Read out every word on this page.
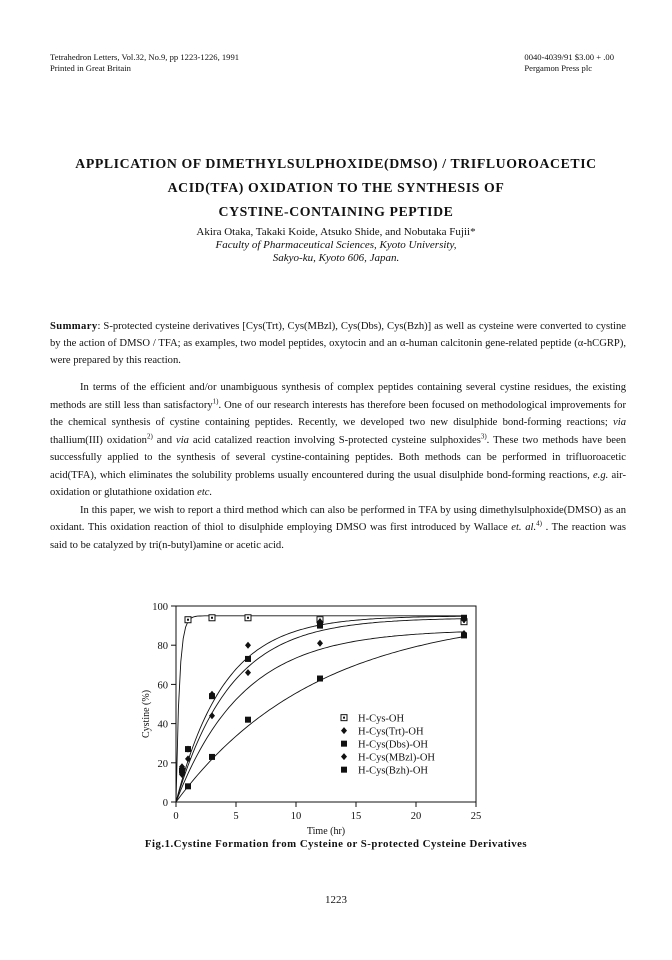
Tetrahedron Letters, Vol.32, No.9, pp 1223-1226, 1991
Printed in Great Britain
0040-4039/91 $3.00 + .00
Pergamon Press plc
APPLICATION OF DIMETHYLSULPHOXIDE(DMSO) / TRIFLUOROACETIC
ACID(TFA) OXIDATION TO THE SYNTHESIS OF
CYSTINE-CONTAINING PEPTIDE
Akira Otaka, Takaki Koide, Atsuko Shide, and Nobutaka Fujii*
Faculty of Pharmaceutical Sciences, Kyoto University,
Sakyo-ku, Kyoto 606, Japan.
Summary: S-protected cysteine derivatives [Cys(Trt), Cys(MBzl), Cys(Dbs), Cys(Bzh)] as well as cysteine were converted to cystine by the action of DMSO / TFA; as examples, two model peptides, oxytocin and an α-human calcitonin gene-related peptide (α-hCGRP), were prepared by this reaction.

In terms of the efficient and/or unambiguous synthesis of complex peptides containing several cystine residues, the existing methods are still less than satisfactory$^{1)}$. One of our research interests has therefore been focused on methodological improvements for the chemical synthesis of cystine containing peptides. Recently, we developed two new disulphide bond-forming reactions; via thallium(III) oxidation$^{2)}$ and via acid catalized reaction involving S-protected cysteine sulphoxides$^{3)}$. These two methods have been successfully applied to the synthesis of several cystine-containing peptides. Both methods can be performed in trifluoroacetic acid(TFA), which eliminates the solubility problems usually encountered during the usual disulphide bond-forming reactions, e.g. air-oxidation or glutathione oxidation etc.

In this paper, we wish to report a third method which can also be performed in TFA by using dimethylsulphoxide(DMSO) as an oxidant. This oxidation reaction of thiol to disulphide employing DMSO was first introduced by Wallace et. al.$^{4)}$ . The reaction was said to be catalyzed by tri(n-butyl)amine or acetic acid.

0	5	10	15	20	25
0
20
40
60
80
100
Time (hr)
Cystine (%)	H-Cys-OH
H-Cys(Trt)-OH
H-Cys(Dbs)-OH
H-Cys(MBzl)-OH
H-Cys(Bzh)-OH
Fig.1.Cystine Formation from Cysteine or S-protected Cysteine Derivatives
1223
